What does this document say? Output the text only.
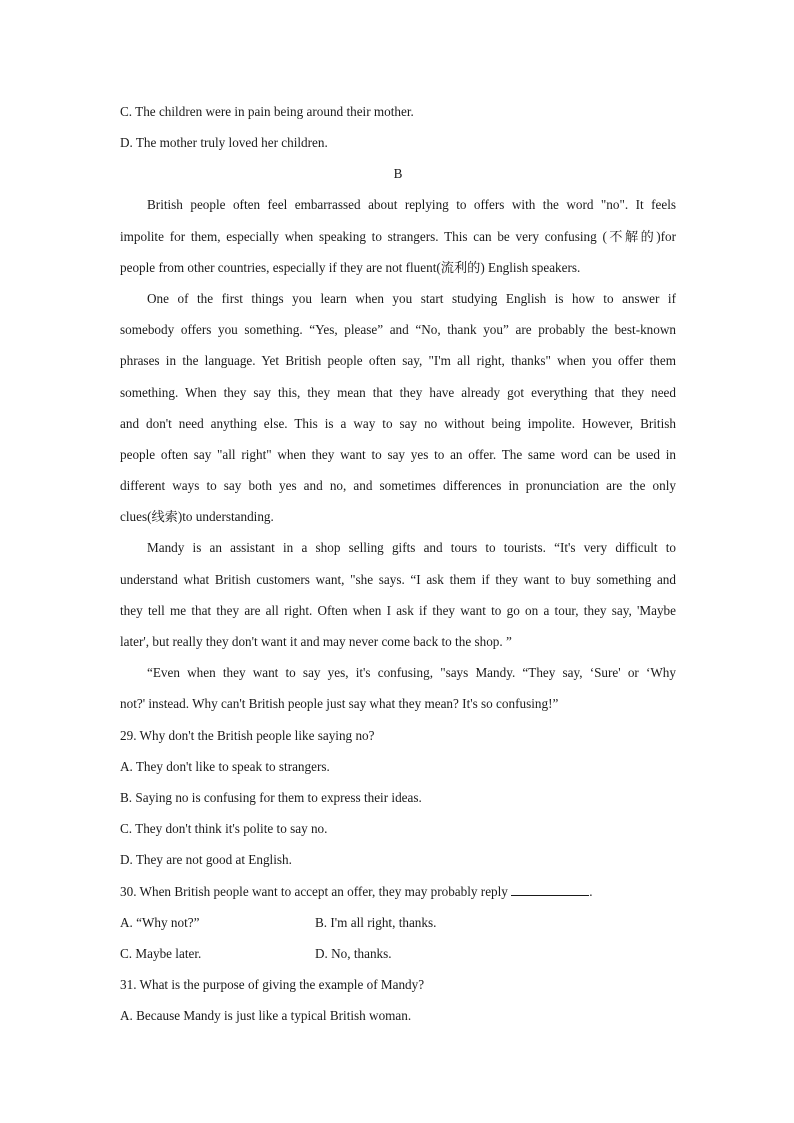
C. The children were in pain being around their mother.
D. The mother truly loved her children.
B
British people often feel embarrassed about replying to offers with the word "no". It feels
impolite for them, especially when speaking to strangers. This can be very confusing (不解的)for
people from other countries, especially if they are not fluent(流利的) English speakers.
One of the first things you learn when you start studying English is how to answer if
somebody offers you something. “Yes, please” and “No, thank you” are probably the best-known
phrases in the language. Yet British people often say, "I'm all right, thanks" when you offer them
something. When they say this, they mean that they have already got everything that they need
and don't need anything else. This is a way to say no without being impolite. However, British
people often say "all right" when they want to say yes to an offer. The same word can be used in
different ways to say both yes and no, and sometimes differences in pronunciation are the only
clues(线索)to understanding.
Mandy is an assistant in a shop selling gifts and tours to tourists. “It's very difficult to
understand what British customers want, "she says. “I ask them if they want to buy something and
they tell me that they are all right. Often when I ask if they want to go on a tour, they say, 'Maybe
later', but really they don't want it and may never come back to the shop. ”
“Even when they want to say yes, it's confusing, "says Mandy. “They say, ‘Sure' or ‘Why
not?' instead. Why can't British people just say what they mean? It's so confusing!”
29. Why don't the British people like saying no?
A. They don't like to speak to strangers.
B. Saying no is confusing for them to express their ideas.
C. They don't think it's polite to say no.
D. They are not good at English.
30. When British people want to accept an offer, they may probably reply	.
A. “Why not?”	B. I'm all right, thanks.
C. Maybe later.	D. No, thanks.
31. What is the purpose of giving the example of Mandy?
A. Because Mandy is just like a typical British woman.
